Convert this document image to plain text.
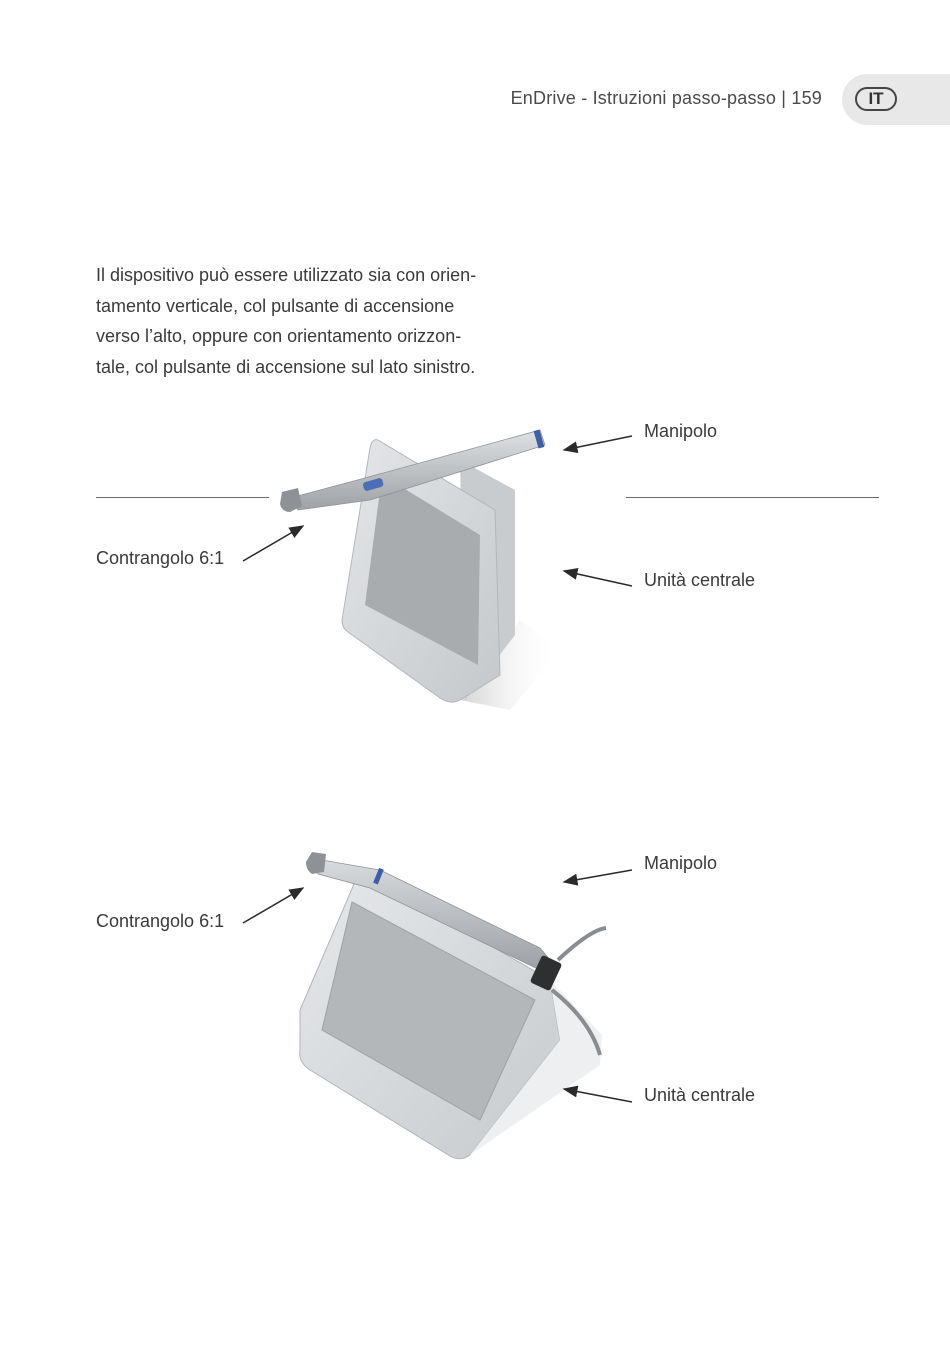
EnDrive - Istruzioni passo-passo | 159	IT
Il dispositivo può essere utilizzato sia con orien-
tamento verticale, col pulsante di accensione
verso l’alto, oppure con orientamento orizzon-
tale, col pulsante di accensione sul lato sinistro.
Manipolo
Contrangolo 6:1
Unità centrale
Manipolo
Contrangolo 6:1
Unità centrale
